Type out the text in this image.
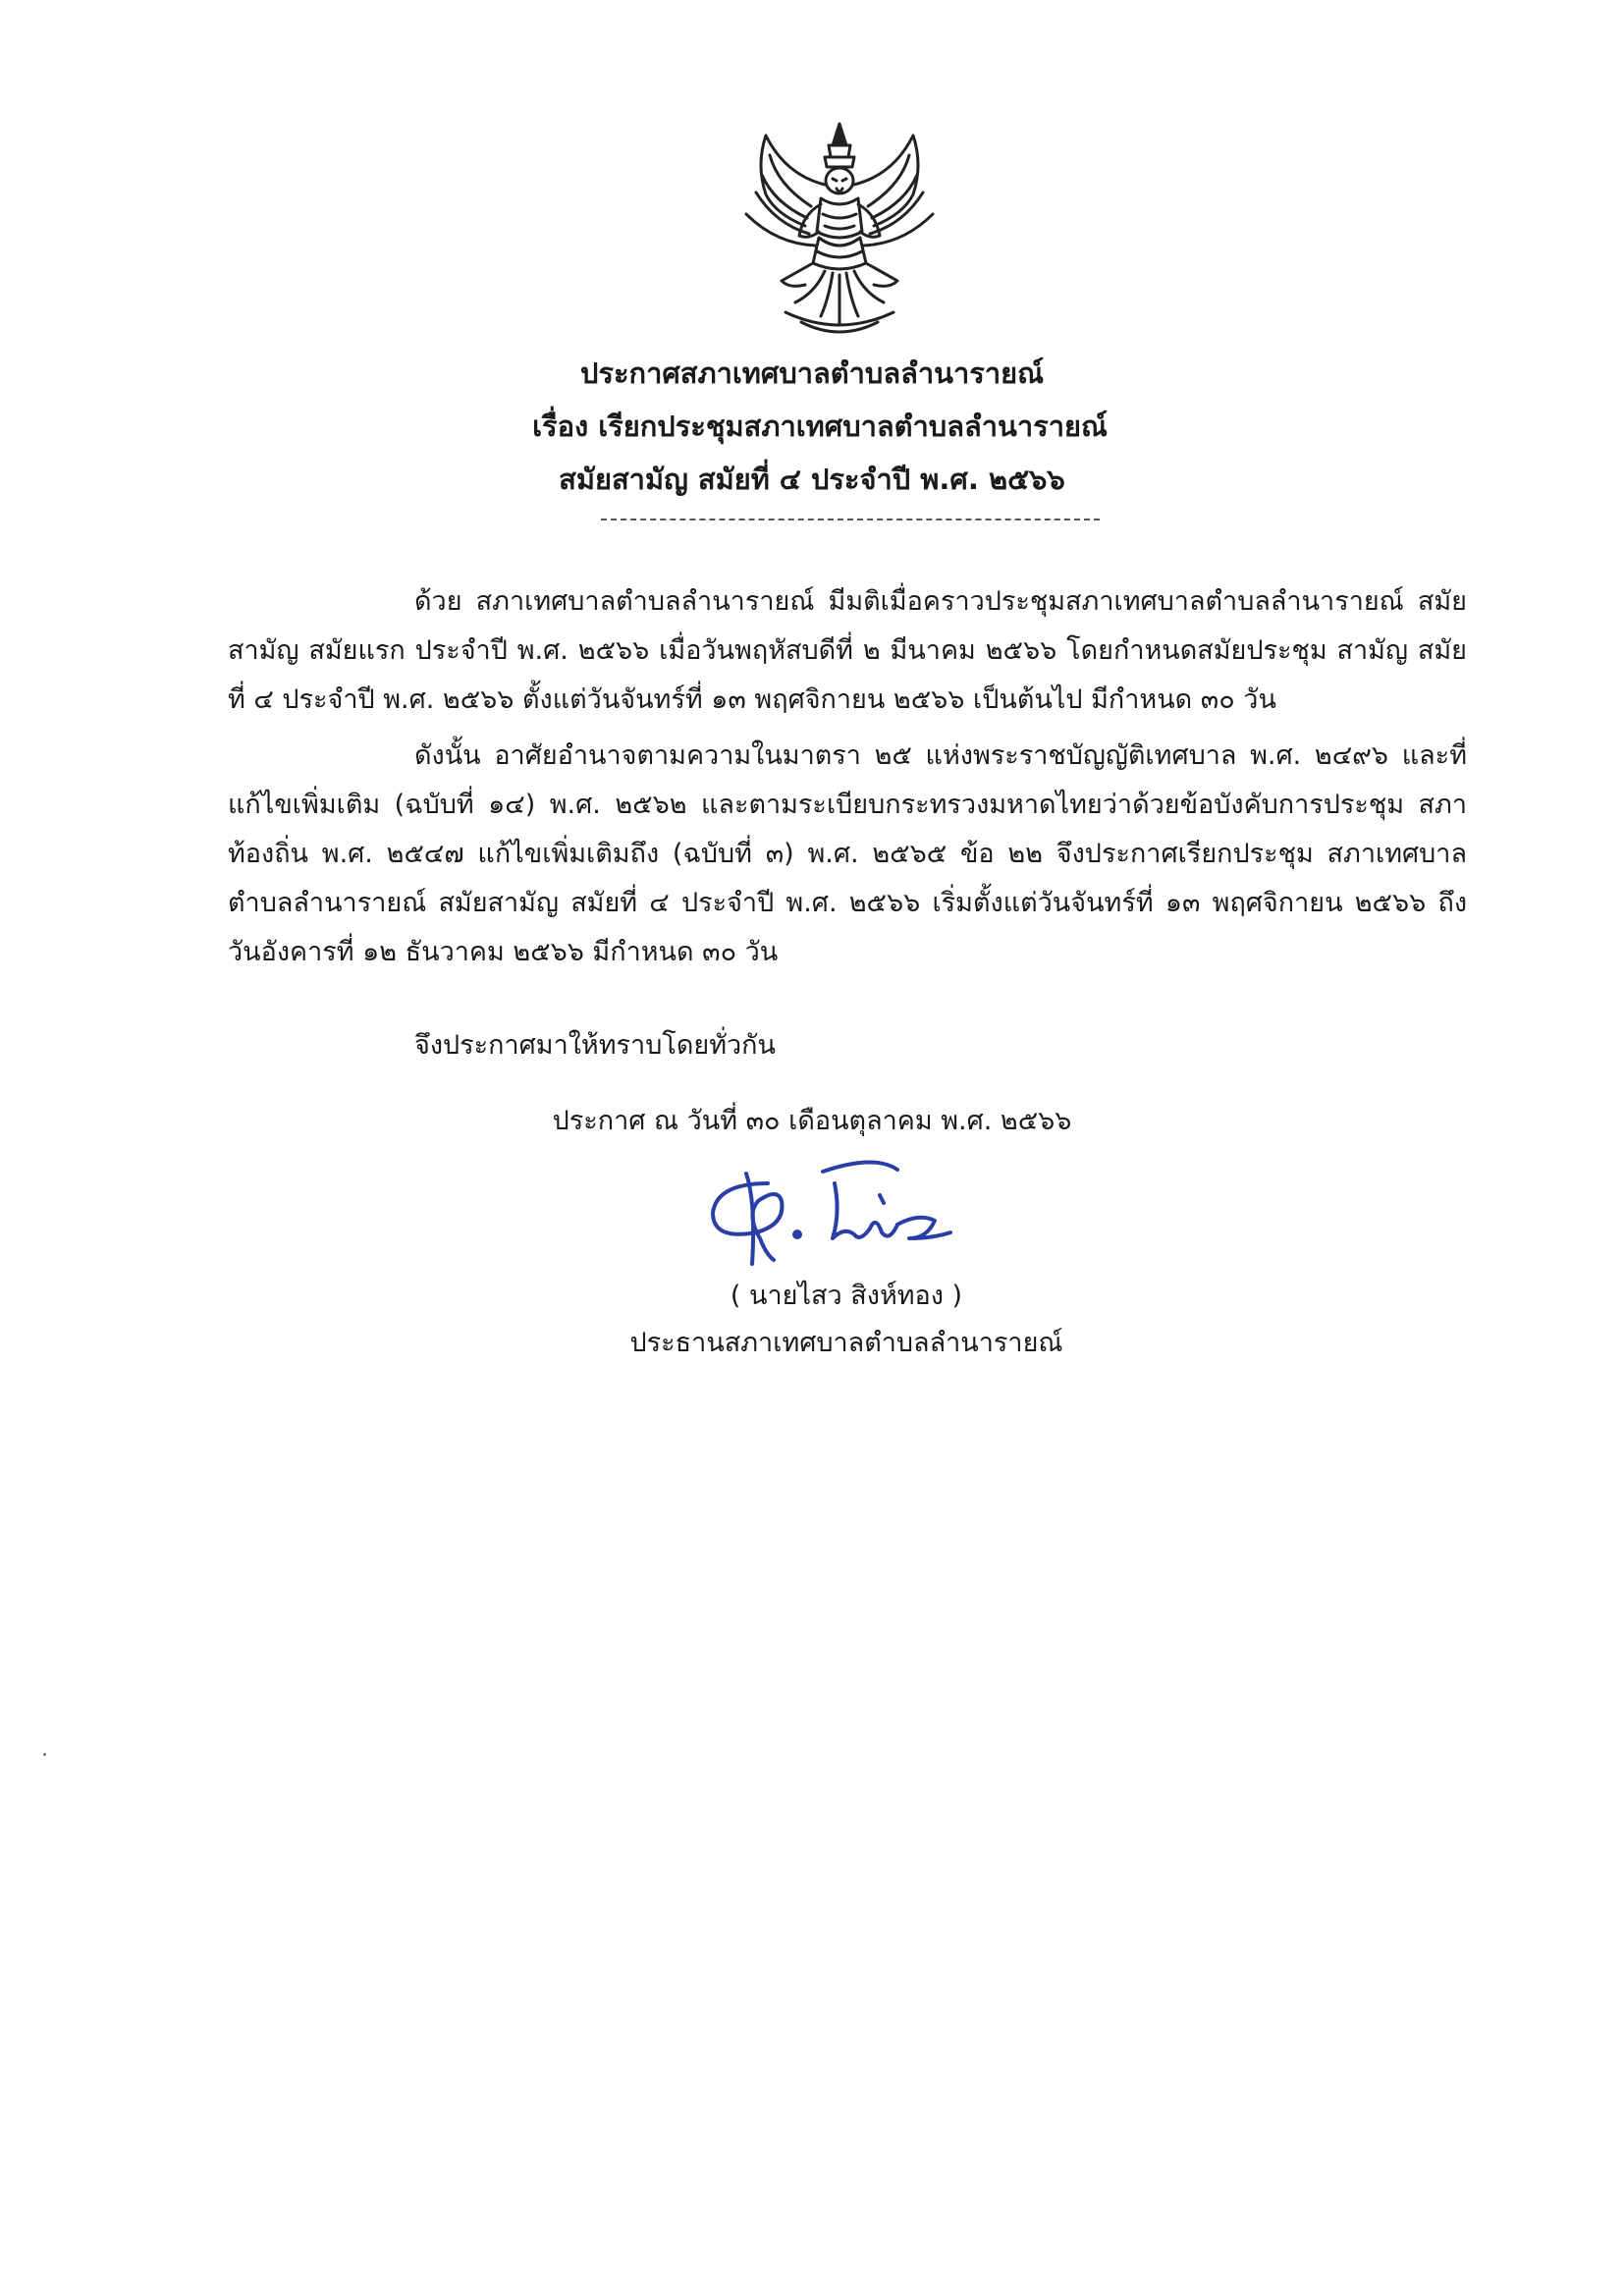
ประกาศสภาเทศบาลตำบลลำนารายณ์
เรื่อง เรียกประชุมสภาเทศบาลตำบลลำนารายณ์
สมัยสามัญ สมัยที่ ๔ ประจำปี พ.ศ. ๒๕๖๖
ด้วย สภาเทศบาลตำบลลำนารายณ์ มีมติเมื่อคราวประชุมสภาเทศบาลตำบลลำนารายณ์ สมัยสามัญ สมัยแรก ประจำปี พ.ศ. ๒๕๖๖ เมื่อวันพฤหัสบดีที่ ๒ มีนาคม ๒๕๖๖ โดยกำหนดสมัยประชุม สามัญ สมัยที่ ๔ ประจำปี พ.ศ. ๒๕๖๖ ตั้งแต่วันจันทร์ที่ ๑๓ พฤศจิกายน ๒๕๖๖ เป็นต้นไป มีกำหนด ๓๐ วัน
ดังนั้น อาศัยอำนาจตามความในมาตรา ๒๕ แห่งพระราชบัญญัติเทศบาล พ.ศ. ๒๔๙๖ และที่แก้ไขเพิ่มเติม (ฉบับที่ ๑๔) พ.ศ. ๒๕๖๒ และตามระเบียบกระทรวงมหาดไทยว่าด้วยข้อบังคับการประชุม สภาท้องถิ่น พ.ศ. ๒๕๔๗ แก้ไขเพิ่มเติมถึง (ฉบับที่ ๓) พ.ศ. ๒๕๖๕ ข้อ ๒๒ จึงประกาศเรียกประชุม สภาเทศบาลตำบลลำนารายณ์ สมัยสามัญ สมัยที่ ๔ ประจำปี พ.ศ. ๒๕๖๖ เริ่มตั้งแต่วันจันทร์ที่ ๑๓ พฤศจิกายน ๒๕๖๖ ถึง วันอังคารที่ ๑๒ ธันวาคม ๒๕๖๖ มีกำหนด ๓๐ วัน
จึงประกาศมาให้ทราบโดยทั่วกัน
ประกาศ ณ วันที่ ๓๐ เดือนตุลาคม พ.ศ. ๒๕๖๖
( นายไสว สิงห์ทอง )
ประธานสภาเทศบาลตำบลลำนารายณ์
